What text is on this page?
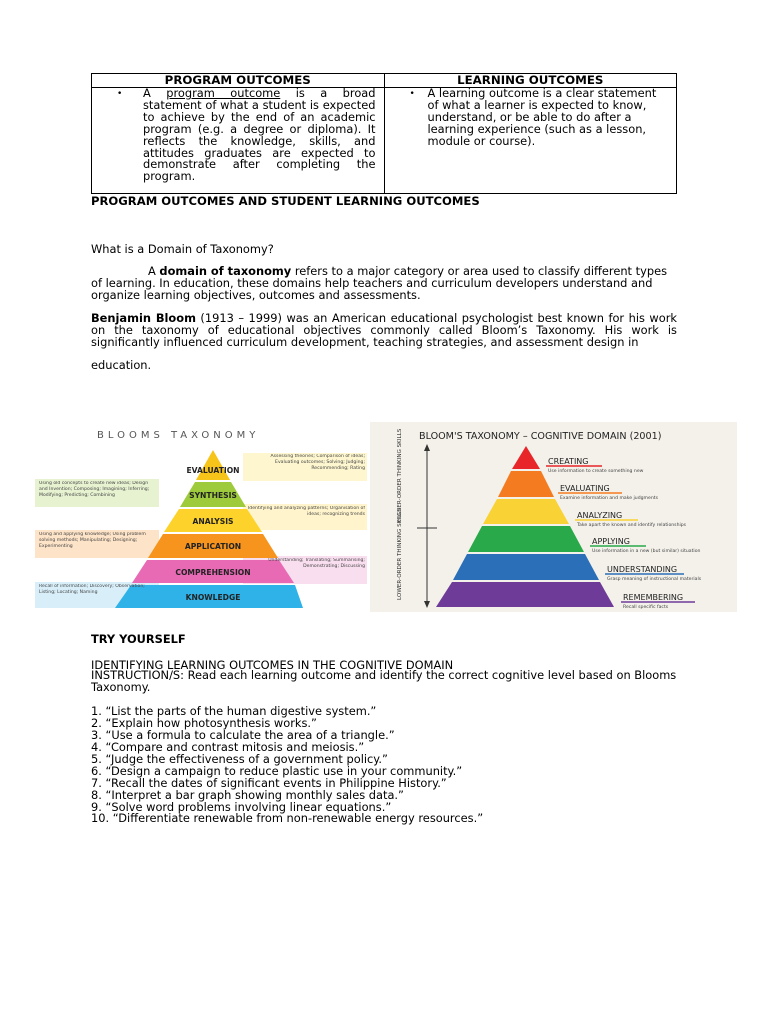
PROGRAM OUTCOMES	LEARNING OUTCOMES

• A program outcome is a broad statement of what a student is expected to achieve by the end of an academic program (e.g. a degree or diploma). It reflects the knowledge, skills, and attitudes graduates are expected to demonstrate after completing the program.	• A learning outcome is a clear statement of what a learner is expected to know, understand, or be able to do after a learning experience (such as a lesson, module or course).
PROGRAM OUTCOMES AND STUDENT LEARNING OUTCOMES
What is a Domain of Taxonomy?
A domain of taxonomy refers to a major category or area used to classify different types of learning. In education, these domains help teachers and curriculum developers understand and organize learning objectives, outcomes and assessments.
Benjamin Bloom (1913 – 1999) was an American educational psychologist best known for his work on the taxonomy of educational objectives commonly called Bloom’s Taxonomy. His work is significantly influenced curriculum development, teaching strategies, and assessment design in
education.
BLOOMS TAXONOMY
EVALUATION
SYNTHESIS
ANALYSIS
APPLICATION
COMPREHENSION
KNOWLEDGE
Assessing theories; Comparison of ideas; Evaluating outcomes; Solving; Judging; Recommending; Rating
Using old concepts to create new ideas; Design and Invention; Composing; Imagining; Inferring; Modifying; Predicting; Combining
Identifying and analyzing patterns; Organisation of ideas; recognizing trends
Using and applying knowledge; Using problem solving methods; Manipulating; Designing; Experimenting
Understanding; Translating; Summarising; Demonstrating; Discussing
Recall of information; Discovery; Observation; Listing; Locating; Naming
BLOOM'S TAXONOMY – COGNITIVE DOMAIN (2001)
HIGHER-ORDER THINKING SKILLS
LOWER-ORDER THINKING SKILLS
CREATING
EVALUATING
ANALYZING
APPLYING
UNDERSTANDING
REMEMBERING
Use information to create something new
Examine information and make judgments
Take apart the known and identify relationships
Use information in a new (but similar) situation
Grasp meaning of instructional materials
Recall specific facts
TRY YOURSELF
IDENTIFYING LEARNING OUTCOMES IN THE COGNITIVE DOMAIN
INSTRUCTION/S: Read each learning outcome and identify the correct cognitive level based on Blooms Taxonomy.
1. “List the parts of the human digestive system.”
2. “Explain how photosynthesis works.”
3. “Use a formula to calculate the area of a triangle.”
4. “Compare and contrast mitosis and meiosis.”
5. “Judge the effectiveness of a government policy.”
6. “Design a campaign to reduce plastic use in your community.”
7. “Recall the dates of significant events in Philippine History.”
8. “Interpret a bar graph showing monthly sales data.”
9. “Solve word problems involving linear equations.”
10. “Differentiate renewable from non-renewable energy resources.”
